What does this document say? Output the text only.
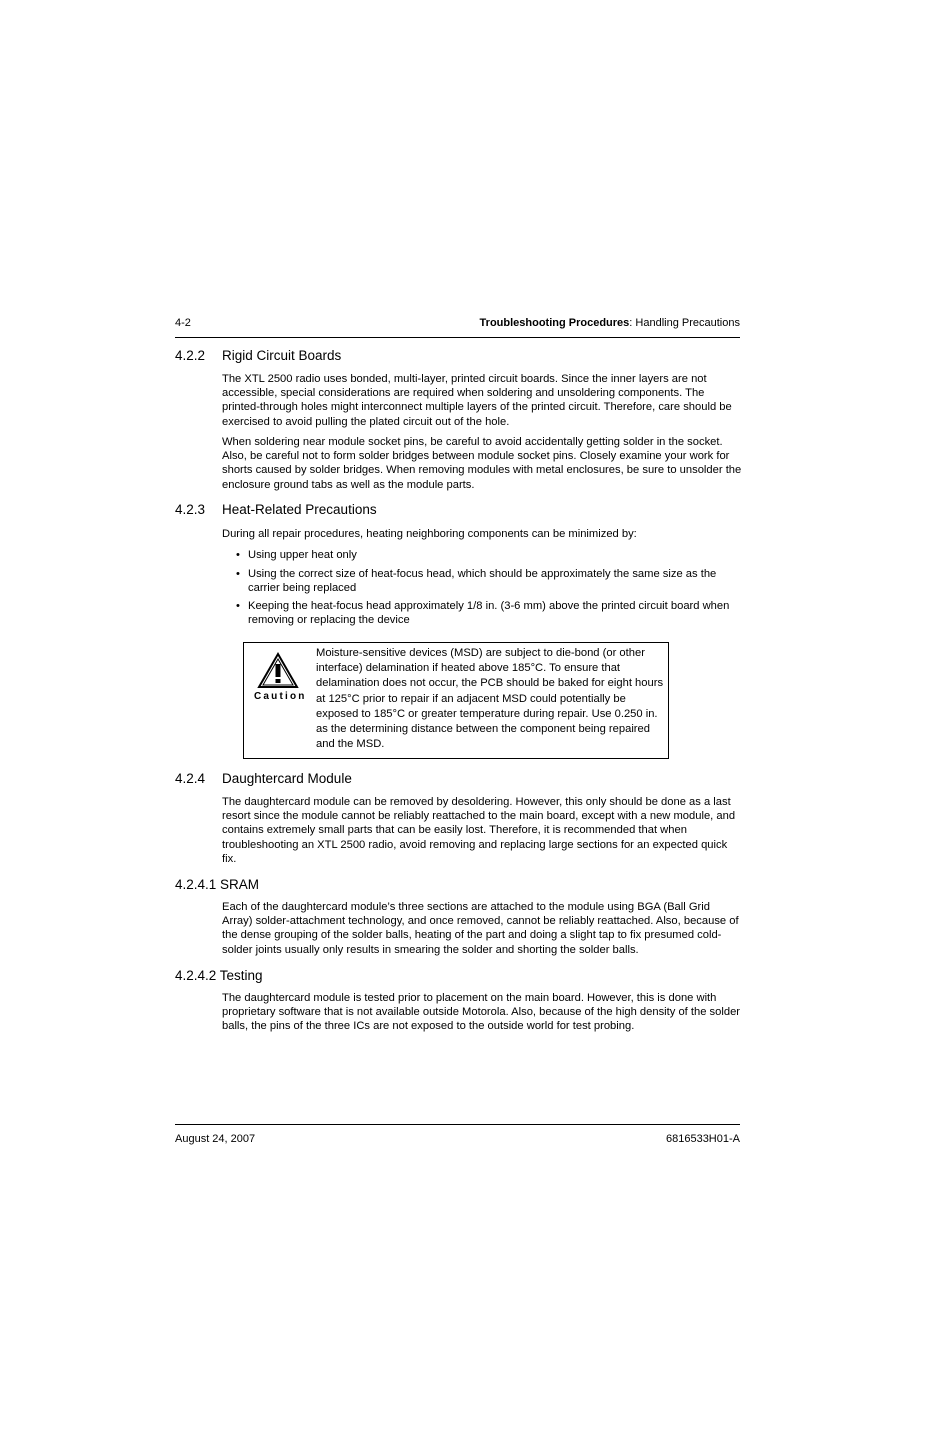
4-2	Troubleshooting Procedures: Handling Precautions
4.2.2 Rigid Circuit Boards

The XTL 2500 radio uses bonded, multi-layer, printed circuit boards. Since the inner layers are not accessible, special considerations are required when soldering and unsoldering components. The printed-through holes might interconnect multiple layers of the printed circuit. Therefore, care should be exercised to avoid pulling the plated circuit out of the hole.

When soldering near module socket pins, be careful to avoid accidentally getting solder in the socket. Also, be careful not to form solder bridges between module socket pins. Closely examine your work for shorts caused by solder bridges. When removing modules with metal enclosures, be sure to unsolder the enclosure ground tabs as well as the module parts.

4.2.3 Heat-Related Precautions

During all repair procedures, heating neighboring components can be minimized by:

• Using upper heat only
• Using the correct size of heat-focus head, which should be approximately the same size as the carrier being replaced
• Keeping the heat-focus head approximately 1/8 in. (3-6 mm) above the printed circuit board when removing or replacing the device
Caution
Moisture-sensitive devices (MSD) are subject to die-bond (or other interface) delamination if heated above 185°C. To ensure that delamination does not occur, the PCB should be baked for eight hours at 125°C prior to repair if an adjacent MSD could potentially be exposed to 185°C or greater temperature during repair. Use 0.250 in. as the determining distance between the component being repaired and the MSD.
4.2.4 Daughtercard Module

The daughtercard module can be removed by desoldering. However, this only should be done as a last resort since the module cannot be reliably reattached to the main board, except with a new module, and contains extremely small parts that can be easily lost. Therefore, it is recommended that when troubleshooting an XTL 2500 radio, avoid removing and replacing large sections for an expected quick fix.

4.2.4.1 SRAM

Each of the daughtercard module’s three sections are attached to the module using BGA (Ball Grid Array) solder-attachment technology, and once removed, cannot be reliably reattached. Also, because of the dense grouping of the solder balls, heating of the part and doing a slight tap to fix presumed cold-solder joints usually only results in smearing the solder and shorting the solder balls.

4.2.4.2 Testing

The daughtercard module is tested prior to placement on the main board. However, this is done with proprietary software that is not available outside Motorola. Also, because of the high density of the solder balls, the pins of the three ICs are not exposed to the outside world for test probing.

August 24, 2007	6816533H01-A
